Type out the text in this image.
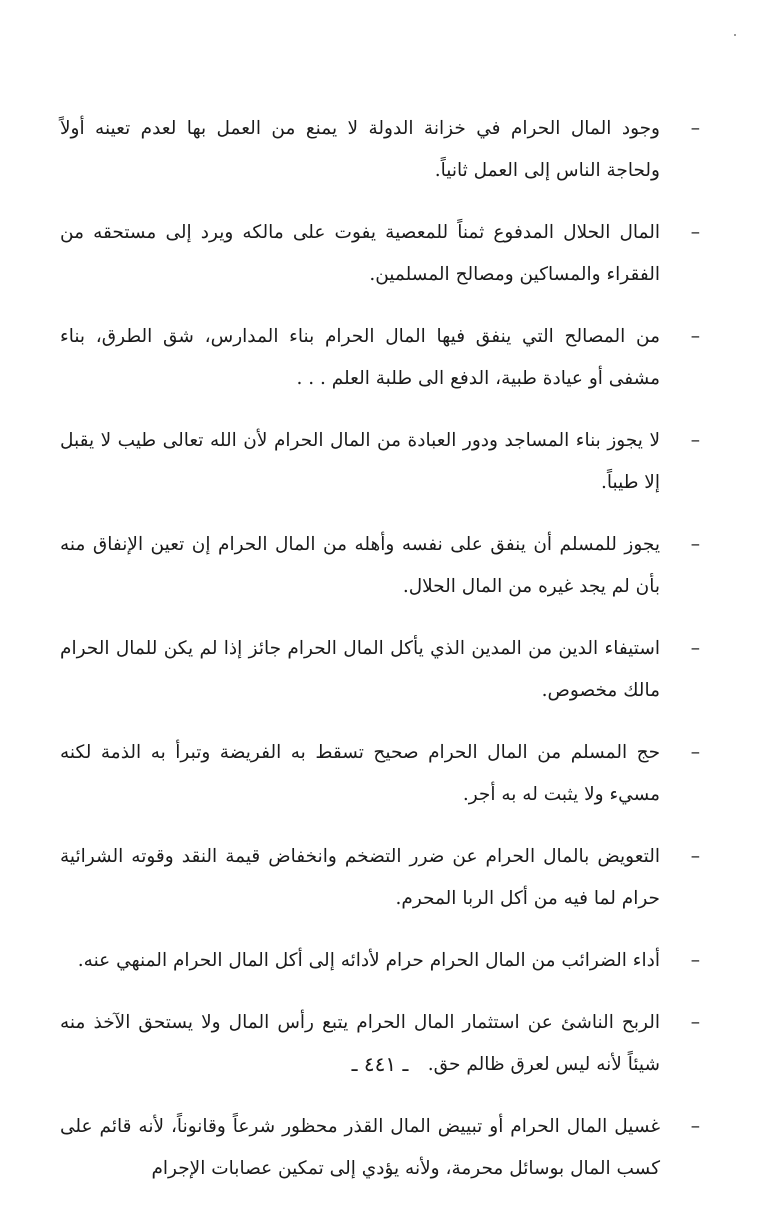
–
وجود المال الحرام في خزانة الدولة لا يمنع من العمل بها لعدم تعينه أولاً ولحاجة الناس إلى العمل ثانياً.
–
المال الحلال المدفوع ثمناً للمعصية يفوت على مالكه ويرد إلى مستحقه من الفقراء والمساكين ومصالح المسلمين.
–
من المصالح التي ينفق فيها المال الحرام بناء المدارس، شق الطرق، بناء مشفى أو عيادة طبية، الدفع الى طلبة العلم . . .
–
لا يجوز بناء المساجد ودور العبادة من المال الحرام لأن الله تعالى طيب لا يقبل إلا طيباً.
–
يجوز للمسلم أن ينفق على نفسه وأهله من المال الحرام إن تعين الإنفاق منه بأن لم يجد غيره من المال الحلال.
–
استيفاء الدين من المدين الذي يأكل المال الحرام جائز إذا لم يكن للمال الحرام مالك مخصوص.
–
حج المسلم من المال الحرام صحيح تسقط به الفريضة وتبرأ به الذمة لكنه مسيء ولا يثبت له به أجر.
–
التعويض بالمال الحرام عن ضرر التضخم وانخفاض قيمة النقد وقوته الشرائية حرام لما فيه من أكل الربا المحرم.
–
أداء الضرائب من المال الحرام حرام لأدائه إلى أكل المال الحرام المنهي عنه.
–
الربح الناشئ عن استثمار المال الحرام يتبع رأس المال ولا يستحق الآخذ منه شيئاً لأنه ليس لعرق ظالم حق.
–
غسيل المال الحرام أو تبييض المال القذر محظور شرعاً وقانوناً، لأنه قائم على كسب المال بوسائل محرمة، ولأنه يؤدي إلى تمكين عصابات الإجرام
ـ ٤٤١ ـ
